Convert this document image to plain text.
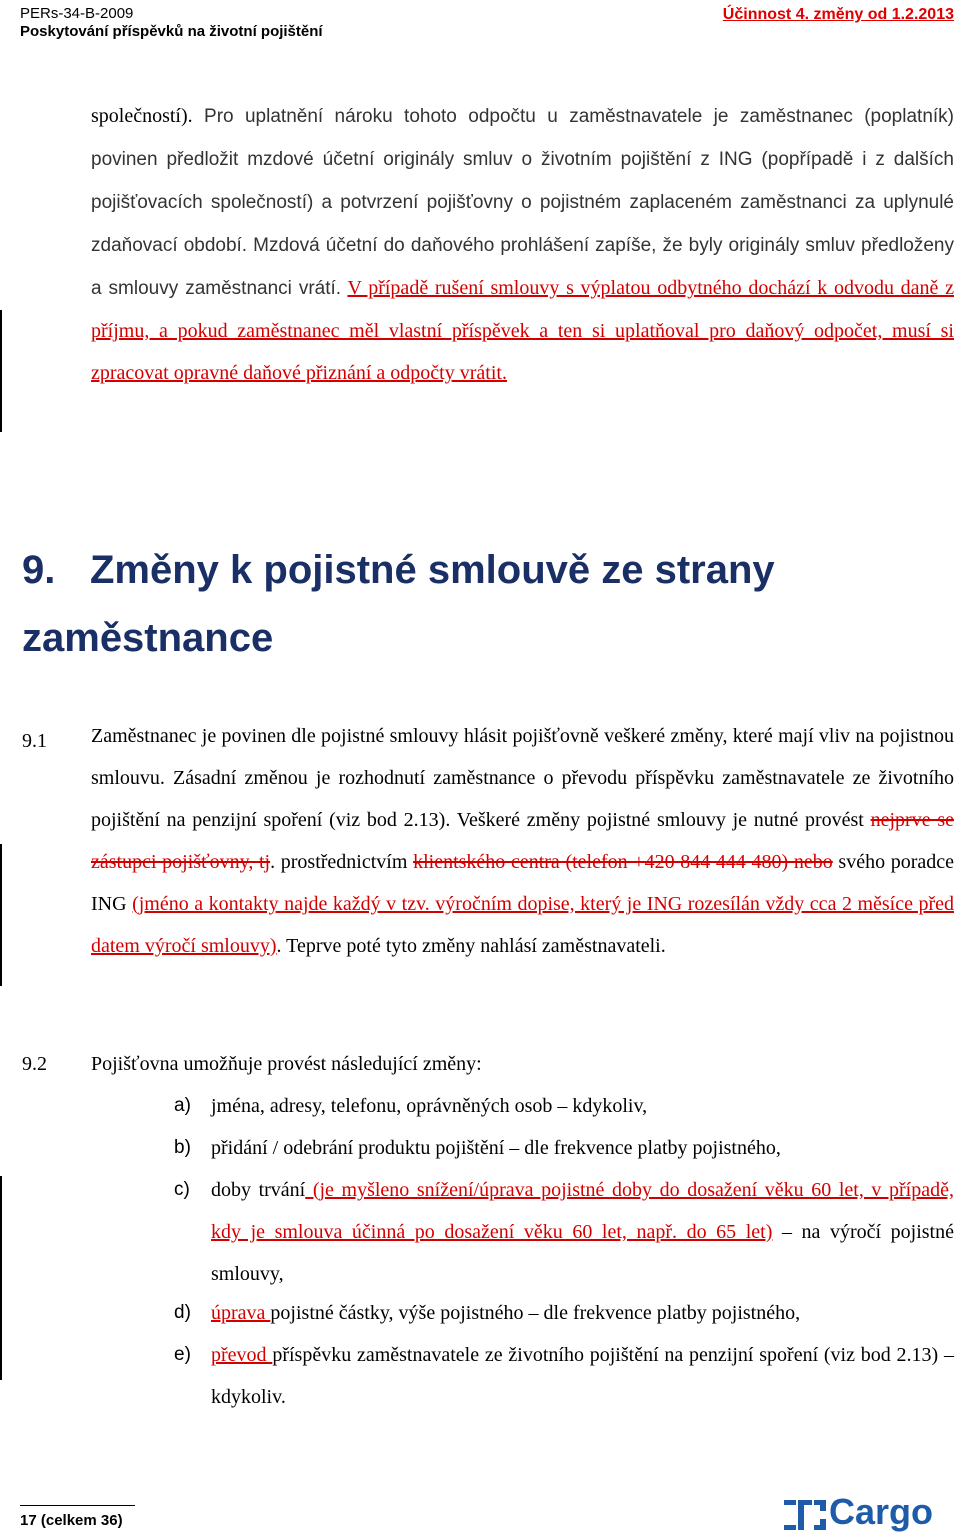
PERs-34-B-2009
Poskytování příspěvků na životní pojištění
Účinnost 4. změny od 1.2.2013
společností). Pro uplatnění nároku tohoto odpočtu u zaměstnavatele je zaměstnanec (poplatník) povinen předložit mzdové účetní originály smluv o životním pojištění z ING (popřípadě i z dalších pojišťovacích společností) a potvrzení pojišťovny o pojistném zaplaceném zaměstnanci za uplynulé zdaňovací období. Mzdová účetní do daňového prohlášení zapíše, že byly originály smluv předloženy a smlouvy zaměstnanci vrátí. V případě rušení smlouvy s výplatou odbytného dochází k odvodu daně z příjmu, a pokud zaměstnanec měl vlastní příspěvek a ten si uplatňoval pro daňový odpočet, musí si zpracovat opravné daňové přiznání a odpočty vrátit.
9. Změny k pojistné smlouvě ze strany
zaměstnance
9.1 Zaměstnanec je povinen dle pojistné smlouvy hlásit pojišťovně veškeré změny, které mají vliv na pojistnou smlouvu. Zásadní změnou je rozhodnutí zaměstnance o převodu příspěvku zaměstnavatele ze životního pojištění na penzijní spoření (viz bod 2.13). Veškeré změny pojistné smlouvy je nutné provést nejprve se zástupci pojišťovny, tj. prostřednictvím klientského centra (telefon +420 844 444 480) nebo svého poradce ING (jméno a kontakty najde každý v tzv. výročním dopise, který je ING rozesílán vždy cca 2 měsíce před datem výročí smlouvy). Teprve poté tyto změny nahlásí zaměstnavateli.
9.2 Pojišťovna umožňuje provést následující změny:
a) jména, adresy, telefonu, oprávněných osob – kdykoliv,
b) přidání / odebrání produktu pojištění – dle frekvence platby pojistného,
c) doby trvání (je myšleno snížení/úprava pojistné doby do dosažení věku 60 let, v případě, kdy je smlouva účinná po dosažení věku 60 let, např. do 65 let) – na výročí pojistné smlouvy,
d) úprava pojistné částky, výše pojistného – dle frekvence platby pojistného,
e) převod příspěvku zaměstnavatele ze životního pojištění na penzijní spoření (viz bod 2.13) – kdykoliv.
17 (celkem 36)	Cargo
